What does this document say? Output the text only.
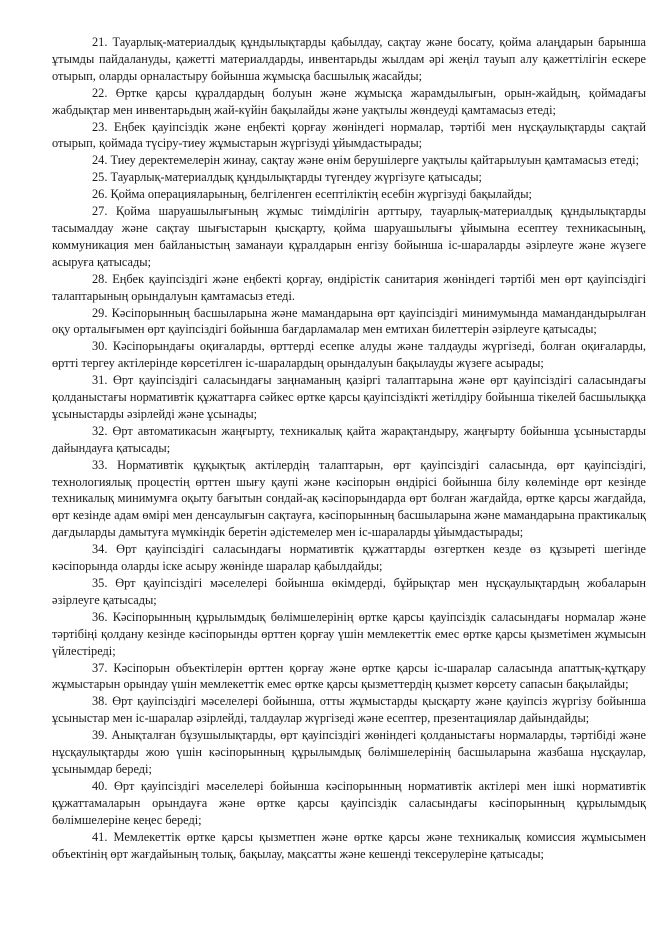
21. Тауарлық-материалдық құндылықтарды қабылдау, сақтау және босату, қойма алаңдарын барынша ұтымды пайдалануды, қажетті материалдарды, инвентарьды жылдам әрі жеңіл тауып алу қажеттілігін ескере отырып, оларды орналастыру бойынша жұмысқа басшылық жасайды;

22. Өртке қарсы құралдардың болуын және жұмысқа жарамдылығын, орын-жайдың, қоймадағы жабдықтар мен инвентарьдың жай-күйін бақылайды және уақтылы жөндеуді қамтамасыз етеді;

23. Еңбек қауіпсіздік және еңбекті қорғау жөніндегі нормалар, тәртібі мен нұсқаулықтарды сақтай отырып, қоймада түсіру-тиеу жұмыстарын жүргізуді ұйымдастырады;

24. Тиеу деректемелерін жинау, сақтау және өнім берушілерге уақтылы қайтарылуын қамтамасыз етеді;

25. Тауарлық-материалдық құндылықтарды түгендеу жүргізуге қатысады;

26. Қойма операцияларының, белгіленген есептіліктің есебін жүргізуді бақылайды;

27. Қойма шаруашылығының жұмыс тиімділігін арттыру, тауарлық-материалдық құндылықтарды тасымалдау және сақтау шығыстарын қысқарту, қойма шаруашылығы ұйымына есептеу техникасының, коммуникация мен байланыстың заманауи құралдарын енгізу бойынша іс-шараларды әзірлеуге және жүзеге асыруға қатысады;

28. Еңбек қауіпсіздігі және еңбекті қорғау, өндірістік санитария жөніндегі тәртібі мен өрт қауіпсіздігі талаптарының орындалуын қамтамасыз етеді.

29. Кәсіпорынның басшыларына және мамандарына өрт қауіпсіздігі минимумында мамандандырылған оқу орталығымен өрт қауіпсіздігі бойынша бағдарламалар мен емтихан билеттерін әзірлеуге қатысады;

30. Кәсіпорындағы оқиғаларды, өрттерді есепке алуды және талдауды жүргізеді, болған оқиғаларды, өртті тергеу актілерінде көрсетілген іс-шаралардың орындалуын бақылауды жүзеге асырады;

31. Өрт қауіпсіздігі саласындағы заңнаманың қазіргі талаптарына және өрт қауіпсіздігі саласындағы қолданыстағы нормативтік құжаттарға сәйкес өртке қарсы қауіпсіздікті жетілдіру бойынша тікелей басшылыққа ұсыныстарды әзірлейді және ұсынады;

32. Өрт автоматикасын жаңғырту, техникалық қайта жарақтандыру, жаңғырту бойынша ұсыныстарды дайындауға қатысады;

33. Нормативтік құқықтық актілердің талаптарын, өрт қауіпсіздігі саласында, өрт қауіпсіздігі, технологиялық процестің өрттен шығу қаупі және кәсіпорын өндірісі бойынша білу көлемінде өрт кезінде техникалық минимумға оқыту бағытын сондай-ақ кәсіпорындарда өрт болған жағдайда, өртке қарсы жағдайда, өрт кезінде адам өмірі мен денсаулығын сақтауға, кәсіпорынның басшыларына және мамандарына практикалық дағдыларды дамытуға мүмкіндік беретін әдістемелер мен іс-шараларды ұйымдастырады;

34. Өрт қауіпсіздігі саласындағы нормативтік құжаттарды өзгерткен кезде өз құзыреті шегінде кәсіпорында оларды іске асыру жөнінде шаралар қабылдайды;

35. Өрт қауіпсіздігі мәселелері бойынша өкімдерді, бұйрықтар мен нұсқаулықтардың жобаларын әзірлеуге қатысады;

36. Кәсіпорынның құрылымдық бөлімшелерінің өртке қарсы қауіпсіздік саласындағы нормалар және тәртібіңі қолдану кезінде кәсіпорынды өрттен қорғау үшін мемлекеттік емес өртке қарсы қызметімен жұмысын үйлестіреді;

37. Кәсіпорын объектілерін өрттен қорғау және өртке қарсы іс-шаралар саласында апаттық-құтқару жұмыстарын орындау үшін мемлекеттік емес өртке қарсы қызметтердің қызмет көрсету сапасын бақылайды;

38. Өрт қауіпсіздігі мәселелері бойынша, отты жұмыстарды қысқарту және қауіпсіз жүргізу бойынша ұсыныстар мен іс-шаралар әзірлейді, талдаулар жүргізеді және есептер, презентациялар дайындайды;

39. Анықталған бұзушылықтарды, өрт қауіпсіздігі жөніндегі қолданыстағы нормаларды, тәртібіді және нұсқаулықтарды жою үшін кәсіпорынның құрылымдық бөлімшелерінің басшыларына жазбаша нұсқаулар, ұсынымдар береді;

40. Өрт қауіпсіздігі мәселелері бойынша кәсіпорынның нормативтік актілері мен ішкі нормативтік құжаттамаларын орындауға және өртке қарсы қауіпсіздік саласындағы кәсіпорынның құрылымдық бөлімшелеріне кеңес береді;

41. Мемлекеттік өртке қарсы қызметпен және өртке қарсы және техникалық комиссия жұмысымен объектінің өрт жағдайының толық, бақылау, мақсатты және кешенді тексерулеріне қатысады;
